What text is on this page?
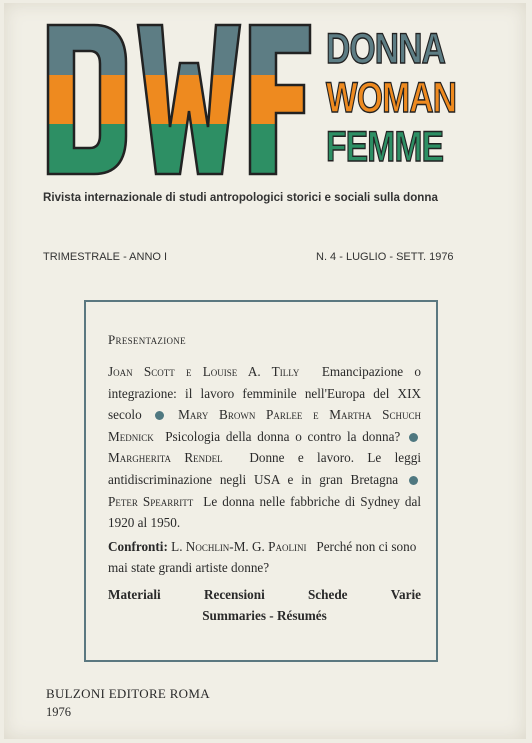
DONNA
WOMAN
FEMME
Rivista internazionale di studi antropologici storici e sociali sulla donna
TRIMESTRALE - ANNO I	N. 4 - LUGLIO - SETT. 1976
Presentazione
Joan Scott e Louise A. Tilly Emancipazione o integrazione: il lavoro femminile nell'Europa del XIX secolo	Mary Brown Parlee e Martha Schuch Mednick Psicologia della donna o contro la donna?  Margherita Rendel Donne e lavoro. Le leggi antidiscriminazione negli USA e in gran Bretagna  Peter Spearritt Le donna nelle fabbriche di Sydney dal 1920 al 1950.
Confronti: L. Nochlin-M. G. Paolini Perché non ci sono mai state grandi artiste donne?
Materiali	Recensioni	Schede	Varie
Summaries - Résumés
BULZONI EDITORE ROMA
1976
